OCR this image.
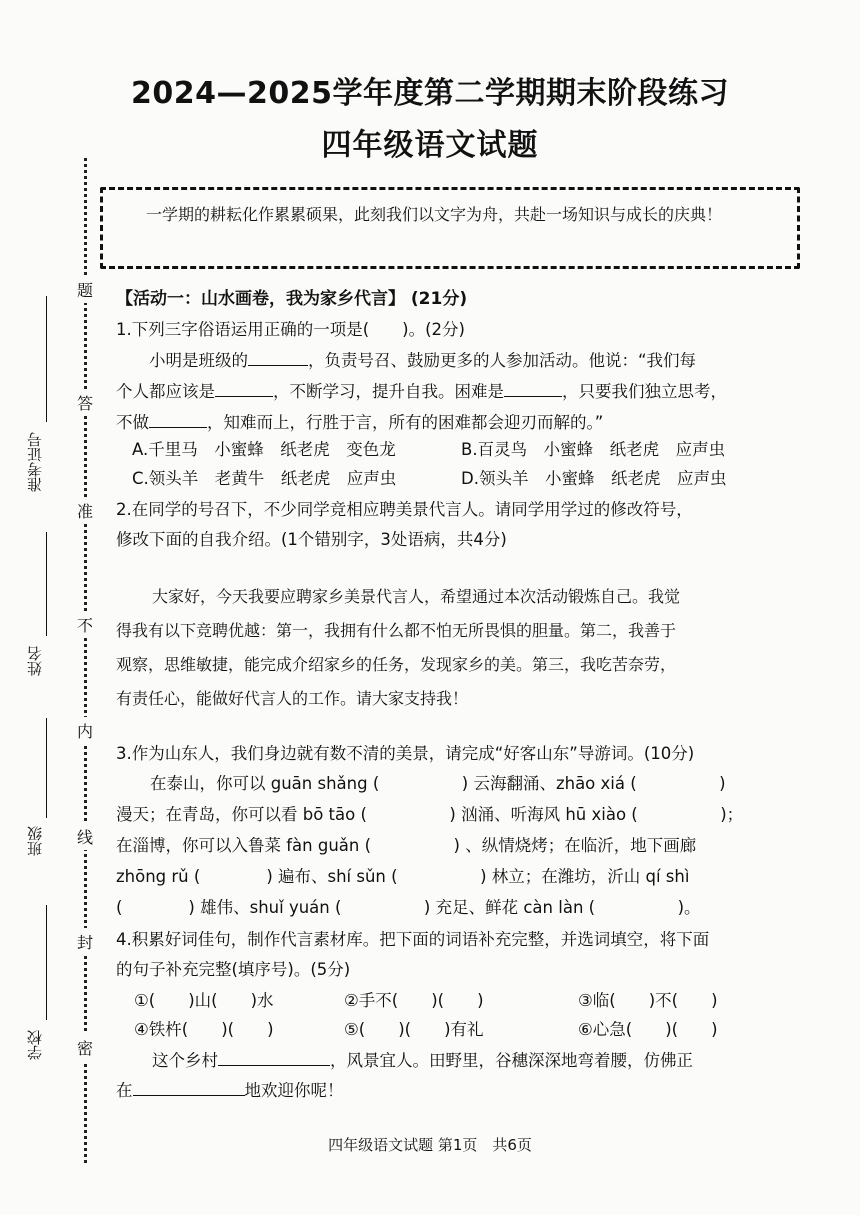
2024—2025学年度第二学期期末阶段练习
四年级语文试题
一学期的耕耘化作累累硕果，此刻我们以文字为舟，共赴一场知识与成长的庆典！
题
答
准
不
内
线
封
密
准考证号
姓名
班级
学校
【活动一：山水画卷，我为家乡代言】 (21分)
1.下列三字俗语运用正确的一项是(　　)。(2分)
小明是班级的	，负责号召、鼓励更多的人参加活动。他说：“我们每
个人都应该是	，不断学习，提升自我。困难是	，只要我们独立思考，
不做	，知难而上，行胜于言，所有的困难都会迎刃而解的。”
A.千里马　小蜜蜂　纸老虎　变色龙	B.百灵鸟　小蜜蜂　纸老虎　应声虫
C.领头羊　老黄牛　纸老虎　应声虫	D.领头羊　小蜜蜂　纸老虎　应声虫
2.在同学的号召下，不少同学竞相应聘美景代言人。请同学用学过的修改符号，
修改下面的自我介绍。(1个错别字，3处语病，共4分)
大家好，今天我要应聘家乡美景代言人，希望通过本次活动锻炼自己。我觉
得我有以下竞聘优越：第一，我拥有什么都不怕无所畏惧的胆量。第二，我善于
观察，思维敏捷，能完成介绍家乡的任务，发现家乡的美。第三，我吃苦奈劳，
有责任心，能做好代言人的工作。请大家支持我！
3.作为山东人，我们身边就有数不清的美景，请完成“好客山东”导游词。(10分)
在泰山，你可以 guān shǎng (　　　　　) 云海翻涌、zhāo xiá (　　　　　)
漫天；在青岛，你可以看 bō tāo (　　　　　) 汹涌、听海风 hū xiào (　　　　　)；
在淄博，你可以入鲁菜 fàn guǎn (　　　　　) 、纵情烧烤；在临沂，地下画廊
zhōng rǔ (　　　　) 遍布、shí sǔn (　　　　　) 林立；在潍坊，沂山 qí shì
(　　　　) 雄伟、shuǐ yuán (　　　　　) 充足、鲜花 càn làn (　　　　　)。
4.积累好词佳句，制作代言素材库。把下面的词语补充完整，并选词填空，将下面
的句子补充完整(填序号)。(5分)
①(　　)山(　　)水	②手不(　　)(　　)	③临(　　)不(　　)
④铁杵(　　)(　　)	⑤(　　)(　　)有礼	⑥心急(　　)(　　)
这个乡村	，风景宜人。田野里，谷穗深深地弯着腰，仿佛正
在	地欢迎你呢！
四年级语文试题 第1页　共6页
